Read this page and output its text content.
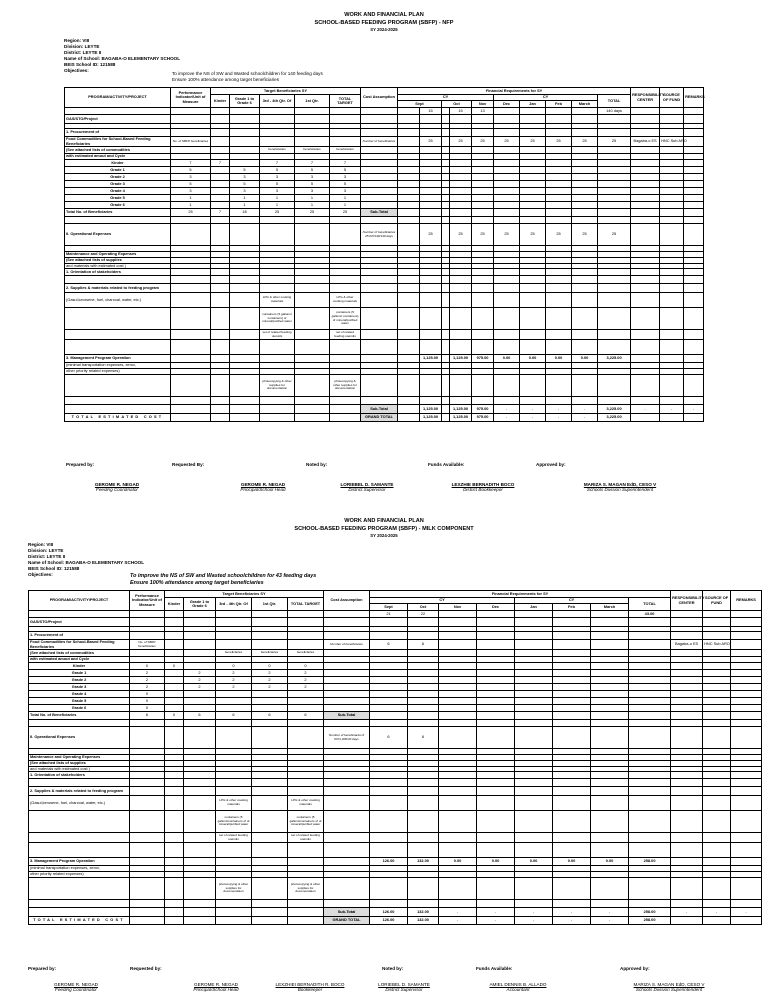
WORK AND FINANCIAL PLAN
SCHOOL-BASED FEEDING PROGRAM (SBFP) - NFP
SY 2024-2025
Region: VIII
Division: LEYTE
District: LEYTE II
Name of School: BAGABA-O ELEMENTARY SCHOOL
BEIS School ID: 121588
Objectives:
To improve the NS of SW and Wasted schoolchildren for 140 feeding days
Ensure 100% attendance among target beneficiaries
PROGRAM/ACTIVITY/PROJECT	Performance Indicator/Unit of Measure	Target Beneficiaries SY					Cost Assumption	Financial Requirements for SY										RESPONSIBILITY CENTER	SOURCE OF FUND	REMARKS
		Kinder	Grade 1 to Grade 6	3rd - 4th Qtr. Of	1st Qtr.	TOTAL TARGET		CY					CY				TOTAL			
								Sept		Oct		Nov	Dec	Jan	Feb	March				
									15		15	13					140 days			
GAS/STO/Project																				

1. Procurement of																				
Food Commodities for School-Based Feeding Beneficiaries	No. of SBFP beneficiaries						Number of beneficiaries		25		25	25	25	25	25	25	25	Bagaba-o ES	HNC Sub ARO	
(See attached lists of commodities				beneficiaries	beneficiaries	beneficiaries														
with estimated amout and Cycle																				
Kinder	7	7		7	7	7														
Grade 1	5		5	5	5	5														
Grade 2	3		3	3	3	3														
Grade 3	5		5	5	5	5														
Grade 4	3		3	3	3	3														
Grade 5	1		1	1	1	1														
Grade 6	1		1	1	1	1														
Total No. of Beneficiaries	25	7	18	25	25	25	Sub-Total													

II. Operational Expenses							Number of beneficiaries 25 KP/140/140 days		25		25	25	25	25	25	25	25			

Maintenance and Operating Expenses																				
(See attached lists of supplies																				
and materials with estimated cost )																				
1. Orientation of stakeholders																				

2. Supplies & materials related to feeding program																				
(Gasul,kerosene, fuel, charcoal, water, etc.)				LPG & other cooking materials		LPG & other cooking materials														
				containers (5 gallons/ containers) of mineral/purified water		containers (5 gallons/ containers) of mineral/purified water														
				set of related feeding utensils		set of related feeding utensils														

3. Management Program Operation									1,125.00		1,125.00	975.00	0.00	0.00	0.00	0.00	3,225.00			
(minimal transportation expenses, xerox,																				
other priority related expenses)																				
				photocopying & other supplies for documentation		photocopying & other supplies for documentation														

							Sub-Total		1,125.00		1,125.00	975.00	-	-	-	-	3,225.00	-	-	-
TOTAL ESTIMATED COST							GRAND TOTAL		1,125.00		1,125.00	975.00	-	-	-	-	3,225.00			
Prepared by:	Requested By:	Noted by:	Funds Available:	Approved by:
GEROME R. NEGAD
Feeding Coordinator
GEROME R. NEGAD
Principal/School Head
LORIEBEL D. SAMANTE
District Supervisor
LEXZHIE BERNADITH BOCO
District Bookkeeper
MARIZA S. MAGAN EdD, CESO V
Schools Division Superintendent
WORK AND FINANCIAL PLAN
SCHOOL-BASED FEEDING PROGRAM (SBFP) - MILK COMPONENT
SY 2024-2025
Region: VIII
Division: LEYTE
District: LEYTE II
Name of School: BAGABA-O ELEMENTARY SCHOOL
BEIS School ID: 121588
Objectives:	To improve the NS of SW and Wasted schoolchildren for 43 feeding days
Ensure 100% attendance among target beneficiaries
PROGRAM/ACTIVITY/PROJECT	Performance Indicator/Unit of Measure	Target Beneficiaries SY					Cost Assumption	Financial Requirements for SY								RESPONSIBILITY CENTER	SOURCE OF FUND	REMARKS
		Kinder	Grade 1 to Grade 6	3rd - 4th Qtr. Of	1st Qtr.	TOTAL TARGET		CY				CY			TOTAL			
								Sept	Oct	Nov	Dec	Jan	Feb	March				
								21	22						43.00			
GAS/STO/Project																		

1. Procurement of																		
Food Commodities for School-Based Feeding Beneficiaries	No. of SBFP beneficiaries						Number of beneficiaries	6	6							Bagaba-o ES	HNC Sub ARO	
(See attached lists of commodities				beneficiaries	beneficiaries	beneficiaries												
with estimated amout and Cycle																		
Kinder	0	0		0	0	0												
Grade 1	2		2	2	2	2												
Grade 2	2		2	2	2	2												
Grade 3	2		2	2	2	2												
Grade 4	0																	
Grade 5	0																	
Grade 6	0																	
Total No. of Beneficiaries	6	0	6	6	6	6	Sub-Total											

II. Operational Expenses							Number of beneficiaries 6 KP/1,000/43 days	6	6									

Maintenance and Operating Expenses																		
(See attached lists of supplies																		
and materials with estimated cost )																		
1. Orientation of stakeholders																		

2. Supplies & materials related to feeding program																		
(Gasul,kerosene, fuel, charcoal, water, etc.)				LPG & other cooking materials		LPG & other cooking materials												
				containers (5 gallons/containers of of mineral/purified water		containers (5 gallons/containers of of mineral/purified water												
				set of related feeding utensils		set of related feeding utensils												

3. Management Program Operation								126.00	132.00	0.00	0.00	0.00	0.00	0.00	258.00			
(minimal transportation expenses, xerox,																		
other priority related expenses)																		
				photocopying & other supplies for documentation		photocopying & other supplies for documentation												

							Sub-Total	126.00	132.00	-	-	-	-	-	258.00	-	-	-
TOTAL ESTIMATED COST							GRAND TOTAL	126.00	132.00	-	-	-	-	-	258.00			
Prepared by:	Requested by:	Noted by:	Funds Available:	Approved by:
GEROME R. NEGAD
Feeding Coordinator
GEROME R. NEGAD
Principal/School Head
LEXZHIEI BERNADITH R. BOCO
Bookkeeper
LORIEBEL D. SAMANTE
District Supervisor
AMIEL DENNIS B. ALLADO
Accountant
MARIZA S. MAGAN EdD, CESO V
Schools Division Superintendent
